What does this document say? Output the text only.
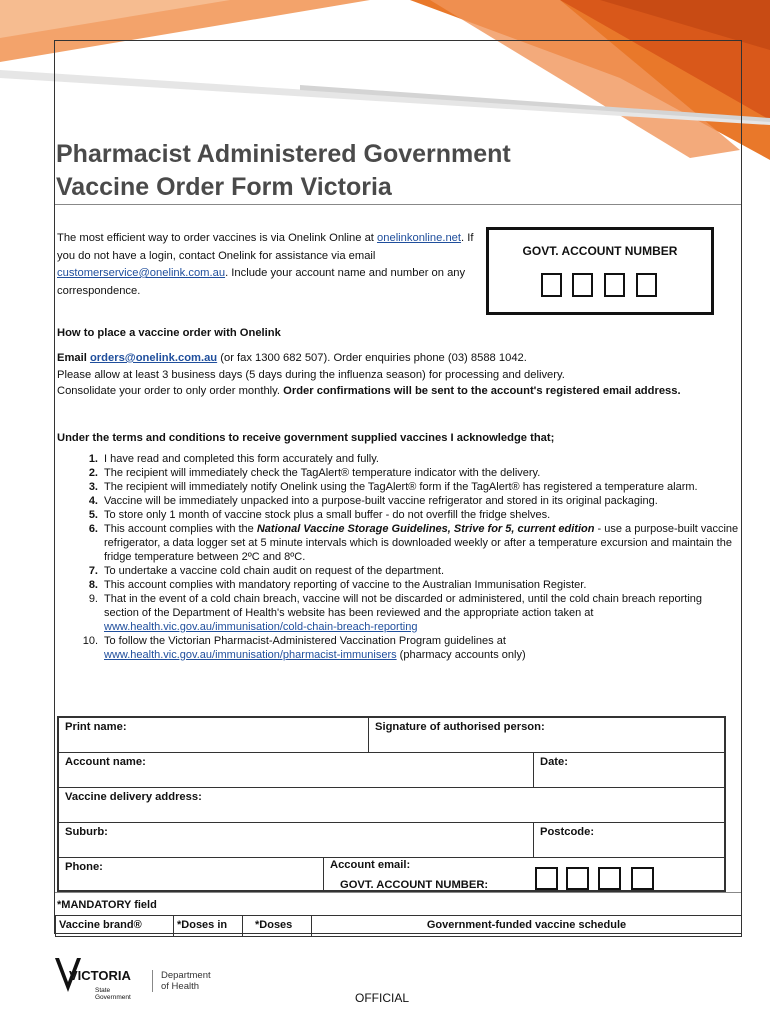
Pharmacist Administered Government
Vaccine Order Form Victoria
The most efficient way to order vaccines is via Onelink Online at onelinkonline.net. If you do not have a login, contact Onelink for assistance via email customerservice@onelink.com.au. Include your account name and number on any correspondence.
GOVT. ACCOUNT NUMBER
How to place a vaccine order with Onelink
Email orders@onelink.com.au (or fax 1300 682 507). Order enquiries phone (03) 8588 1042.
Please allow at least 3 business days (5 days during the influenza season) for processing and delivery.
Consolidate your order to only order monthly. Order confirmations will be sent to the account's registered email address.
Under the terms and conditions to receive government supplied vaccines I acknowledge that;
1. I have read and completed this form accurately and fully.
2. The recipient will immediately check the TagAlert® temperature indicator with the delivery.
3. The recipient will immediately notify Onelink using the TagAlert® form if the TagAlert® has registered a temperature alarm.
4. Vaccine will be immediately unpacked into a purpose-built vaccine refrigerator and stored in its original packaging.
5. To store only 1 month of vaccine stock plus a small buffer - do not overfill the fridge shelves.
6. This account complies with the National Vaccine Storage Guidelines, Strive for 5, current edition - use a purpose-built vaccine refrigerator, a data logger set at 5 minute intervals which is downloaded weekly or after a temperature excursion and maintain the fridge temperature between 2ºC and 8ºC.
7. To undertake a vaccine cold chain audit on request of the department.
8. This account complies with mandatory reporting of vaccine to the Australian Immunisation Register.
9. That in the event of a cold chain breach, vaccine will not be discarded or administered, until the cold chain breach reporting section of the Department of Health's website has been reviewed and the appropriate action taken at www.health.vic.gov.au/immunisation/cold-chain-breach-reporting
10. To follow the Victorian Pharmacist-Administered Vaccination Program guidelines at www.health.vic.gov.au/immunisation/pharmacist-immunisers (pharmacy accounts only)
Print name:	Signature of authorised person:
Account name:	Date:
Vaccine delivery address:
Suburb:	Postcode:
Phone:	Account email:
GOVT. ACCOUNT NUMBER:
*MANDATORY field
Vaccine brand®	*Doses in	*Doses	Government-funded vaccine schedule
VICTORIA
State
Government
Department
of Health
OFFICIAL
